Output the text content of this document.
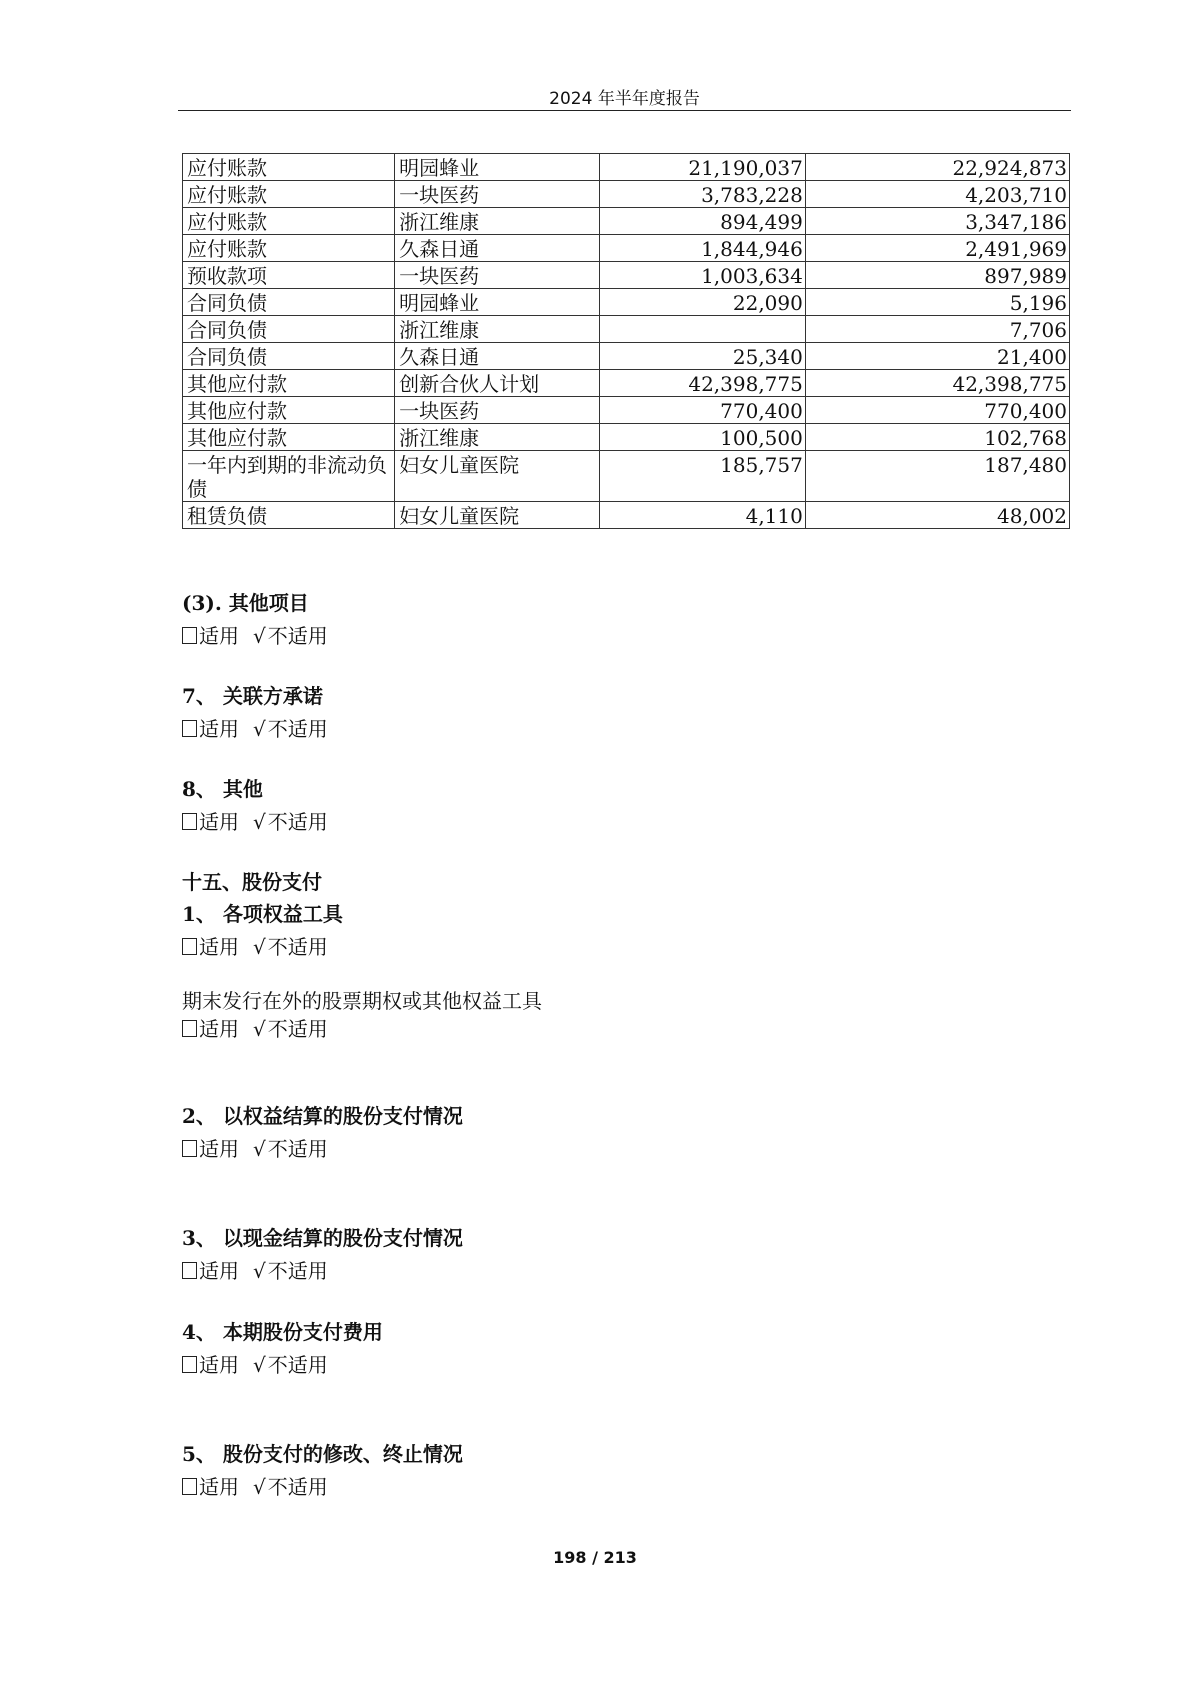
2024 年半年度报告
应付账款	明园蜂业	21,190,037	22,924,873
应付账款	一块医药	3,783,228	4,203,710
应付账款	浙江维康	894,499	3,347,186
应付账款	久森日通	1,844,946	2,491,969
预收款项	一块医药	1,003,634	897,989
合同负债	明园蜂业	22,090	5,196
合同负债	浙江维康		7,706
合同负债	久森日通	25,340	21,400
其他应付款	创新合伙人计划	42,398,775	42,398,775
其他应付款	一块医药	770,400	770,400
其他应付款	浙江维康	100,500	102,768
一年内到期的非流动负债	妇女儿童医院	185,757	187,480
租赁负债	妇女儿童医院	4,110	48,002
(3). 其他项目
适用 √ 不适用
7、 关联方承诺
适用 √ 不适用
8、 其他
适用 √ 不适用
十五、股份支付
1、 各项权益工具
适用 √ 不适用
期末发行在外的股票期权或其他权益工具
适用 √ 不适用
2、 以权益结算的股份支付情况
适用 √ 不适用
3、 以现金结算的股份支付情况
适用 √ 不适用
4、 本期股份支付费用
适用 √ 不适用
5、 股份支付的修改、终止情况
适用 √ 不适用
198 / 213
